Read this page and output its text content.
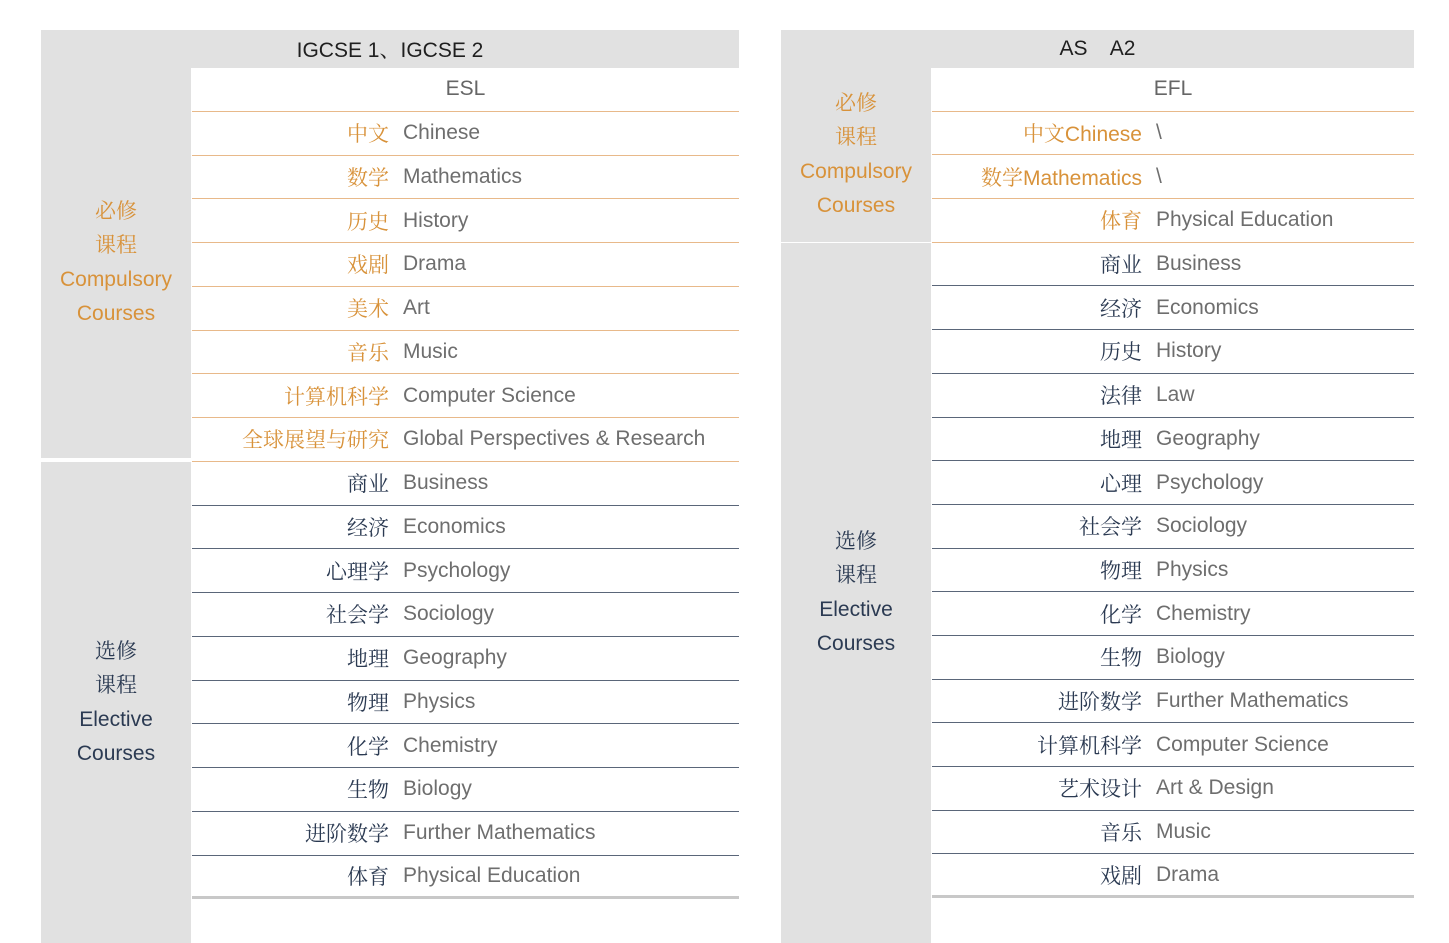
IGCSE 1、IGCSE 2
必修
课程
Compulsory
Courses
选修
课程
Elective
Courses
ESL
中文 Chinese
数学 Mathematics
历史 History
戏剧 Drama
美术 Art
音乐 Music
计算机科学 Computer Science
全球展望与研究 Global Perspectives & Research
商业 Business
经济 Economics
心理学 Psychology
社会学 Sociology
地理 Geography
物理 Physics
化学 Chemistry
生物 Biology
进阶数学 Further Mathematics
体育 Physical Education
AS    A2
必修
课程
Compulsory
Courses
选修
课程
Elective
Courses
EFL
中文Chinese \
数学Mathematics \
体育 Physical Education
商业 Business
经济 Economics
历史 History
法律 Law
地理 Geography
心理 Psychology
社会学 Sociology
物理 Physics
化学 Chemistry
生物 Biology
进阶数学 Further Mathematics
计算机科学 Computer Science
艺术设计 Art & Design
音乐 Music
戏剧 Drama
